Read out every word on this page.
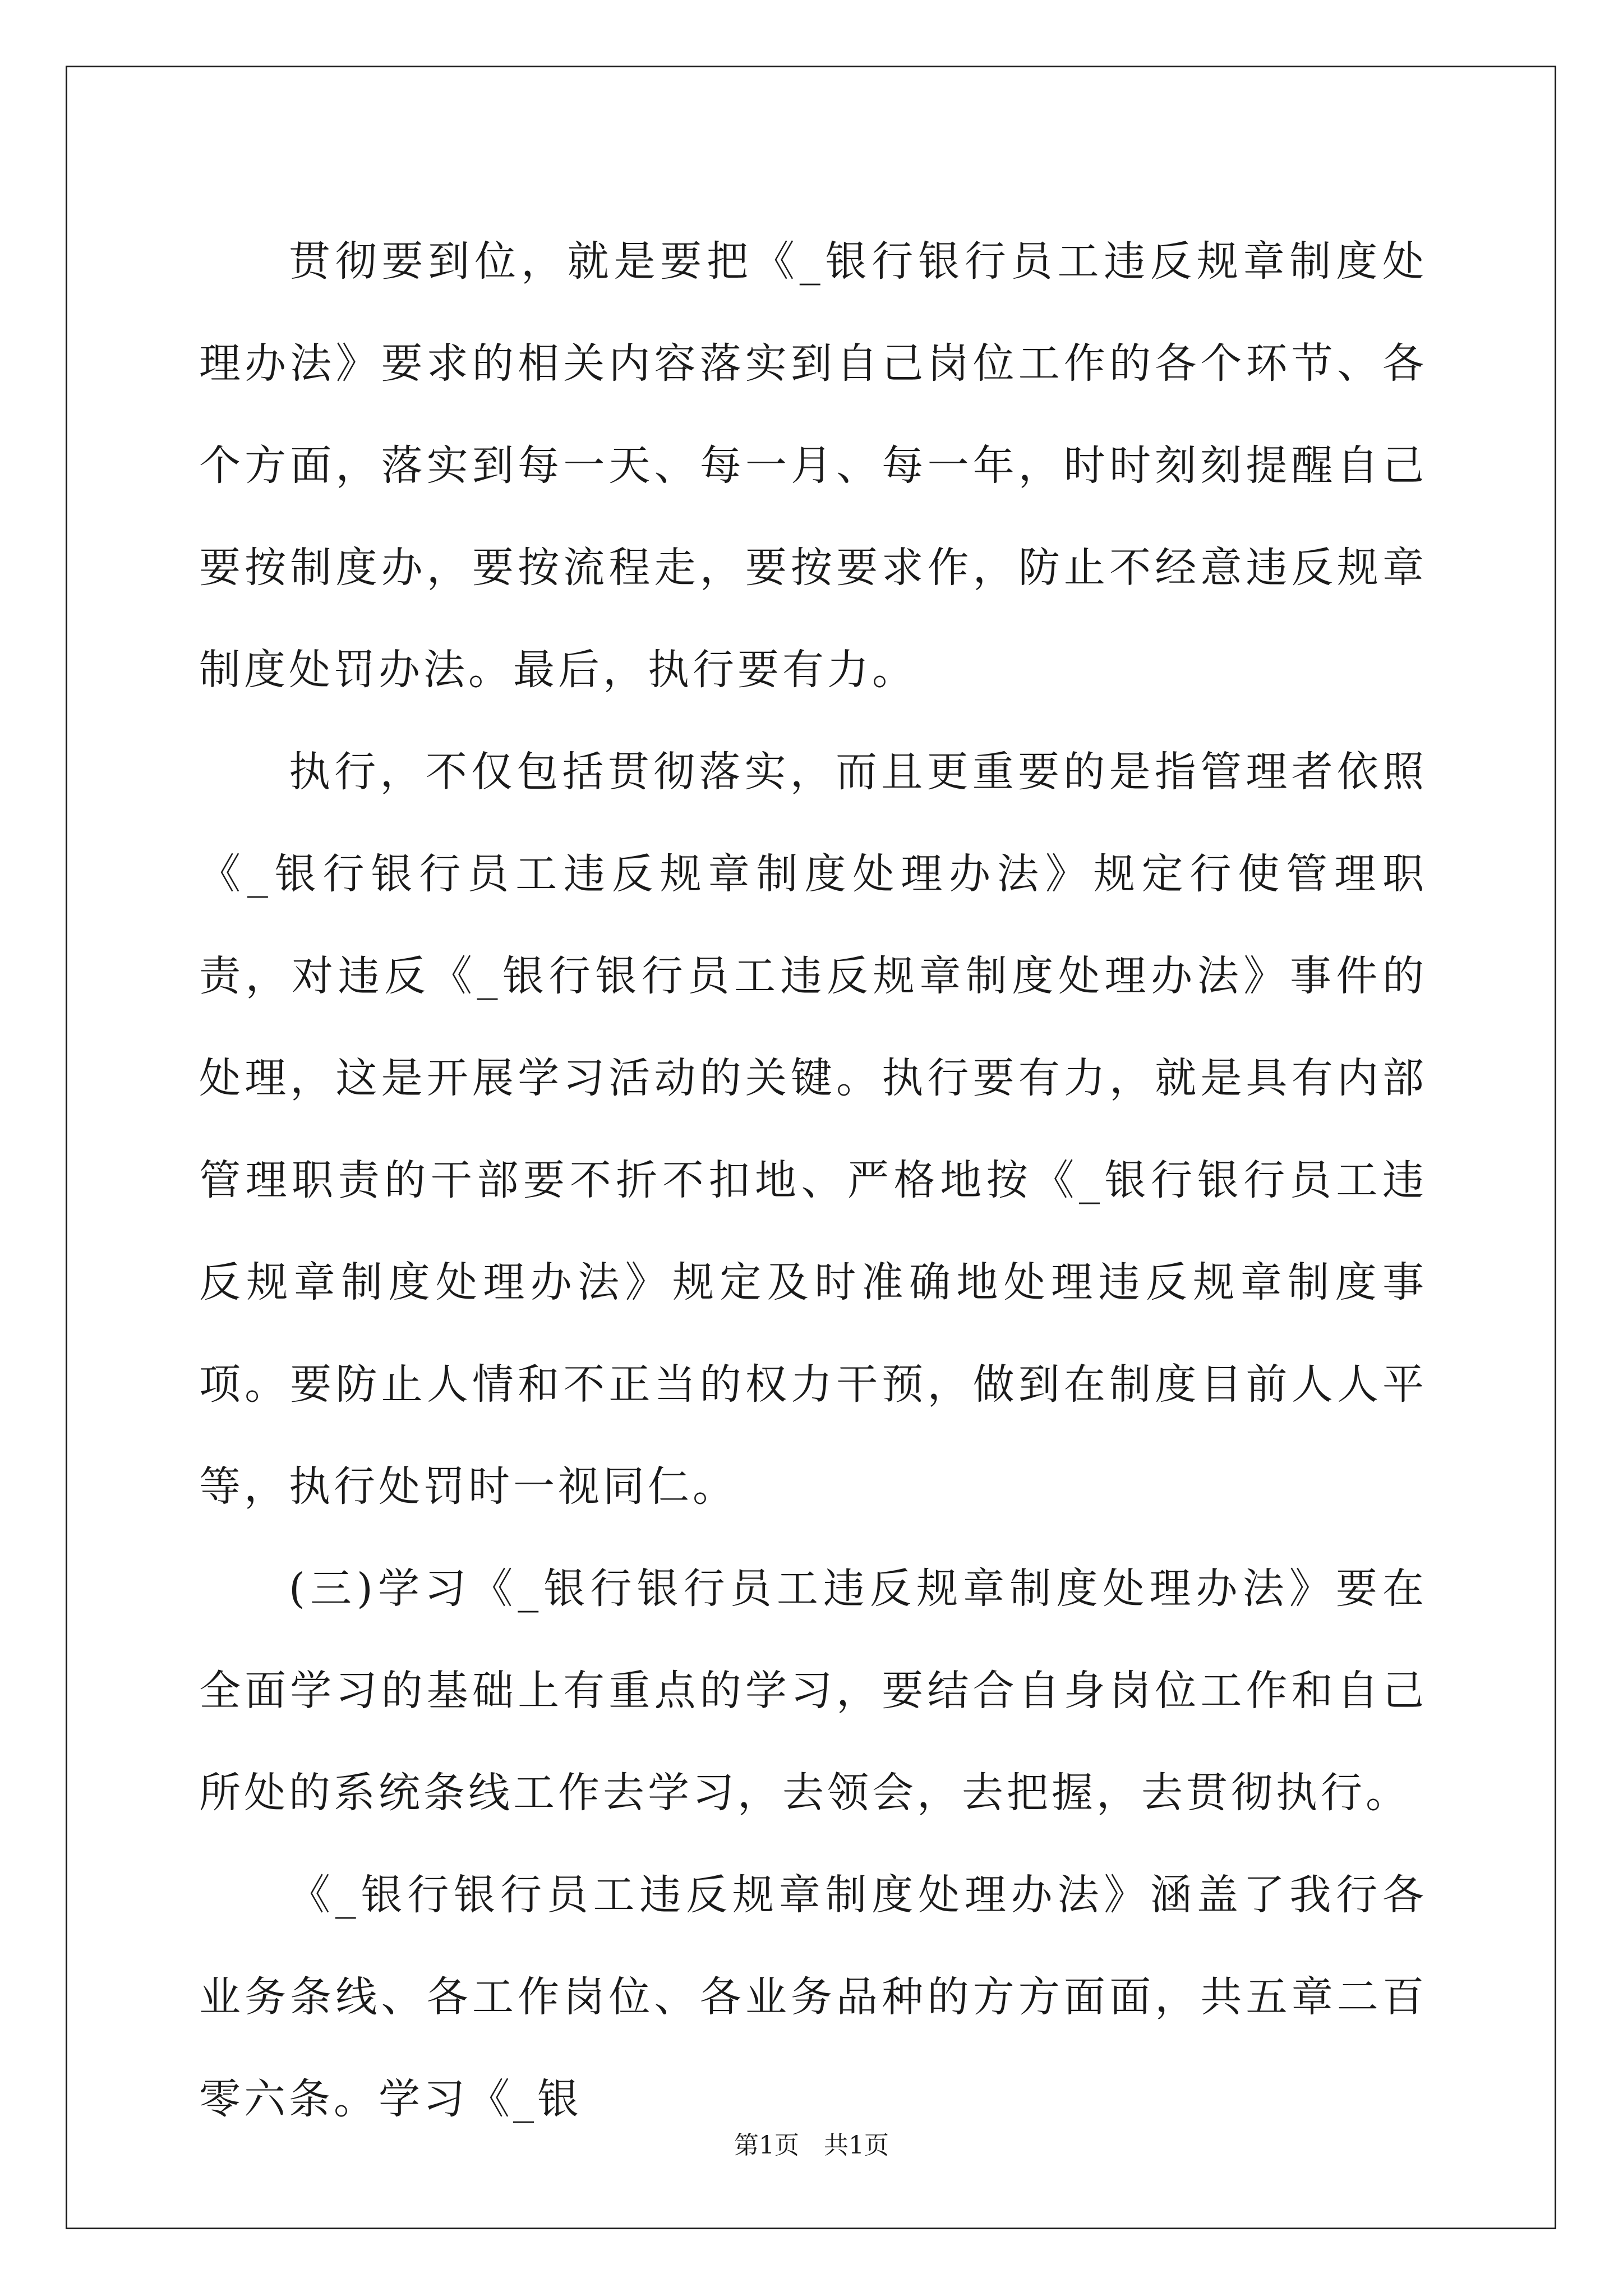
贯彻要到位，就是要把《_银行银行员工违反规章制度处理办法》要求的相关内容落实到自己岗位工作的各个环节、各个方面，落实到每一天、每一月、每一年，时时刻刻提醒自己要按制度办，要按流程走，要按要求作，防止不经意违反规章制度处罚办法。最后，执行要有力。

执行，不仅包括贯彻落实，而且更重要的是指管理者依照《_银行银行员工违反规章制度处理办法》规定行使管理职责，对违反《_银行银行员工违反规章制度处理办法》事件的处理，这是开展学习活动的关键。执行要有力，就是具有内部管理职责的干部要不折不扣地、严格地按《_银行银行员工违反规章制度处理办法》规定及时准确地处理违反规章制度事项。要防止人情和不正当的权力干预，做到在制度目前人人平等，执行处罚时一视同仁。

(三)学习《_银行银行员工违反规章制度处理办法》要在全面学习的基础上有重点的学习，要结合自身岗位工作和自己所处的系统条线工作去学习，去领会，去把握，去贯彻执行。

《_银行银行员工违反规章制度处理办法》涵盖了我行各业务条线、各工作岗位、各业务品种的方方面面，共五章二百零六条。学习《_银

第1页　共1页
